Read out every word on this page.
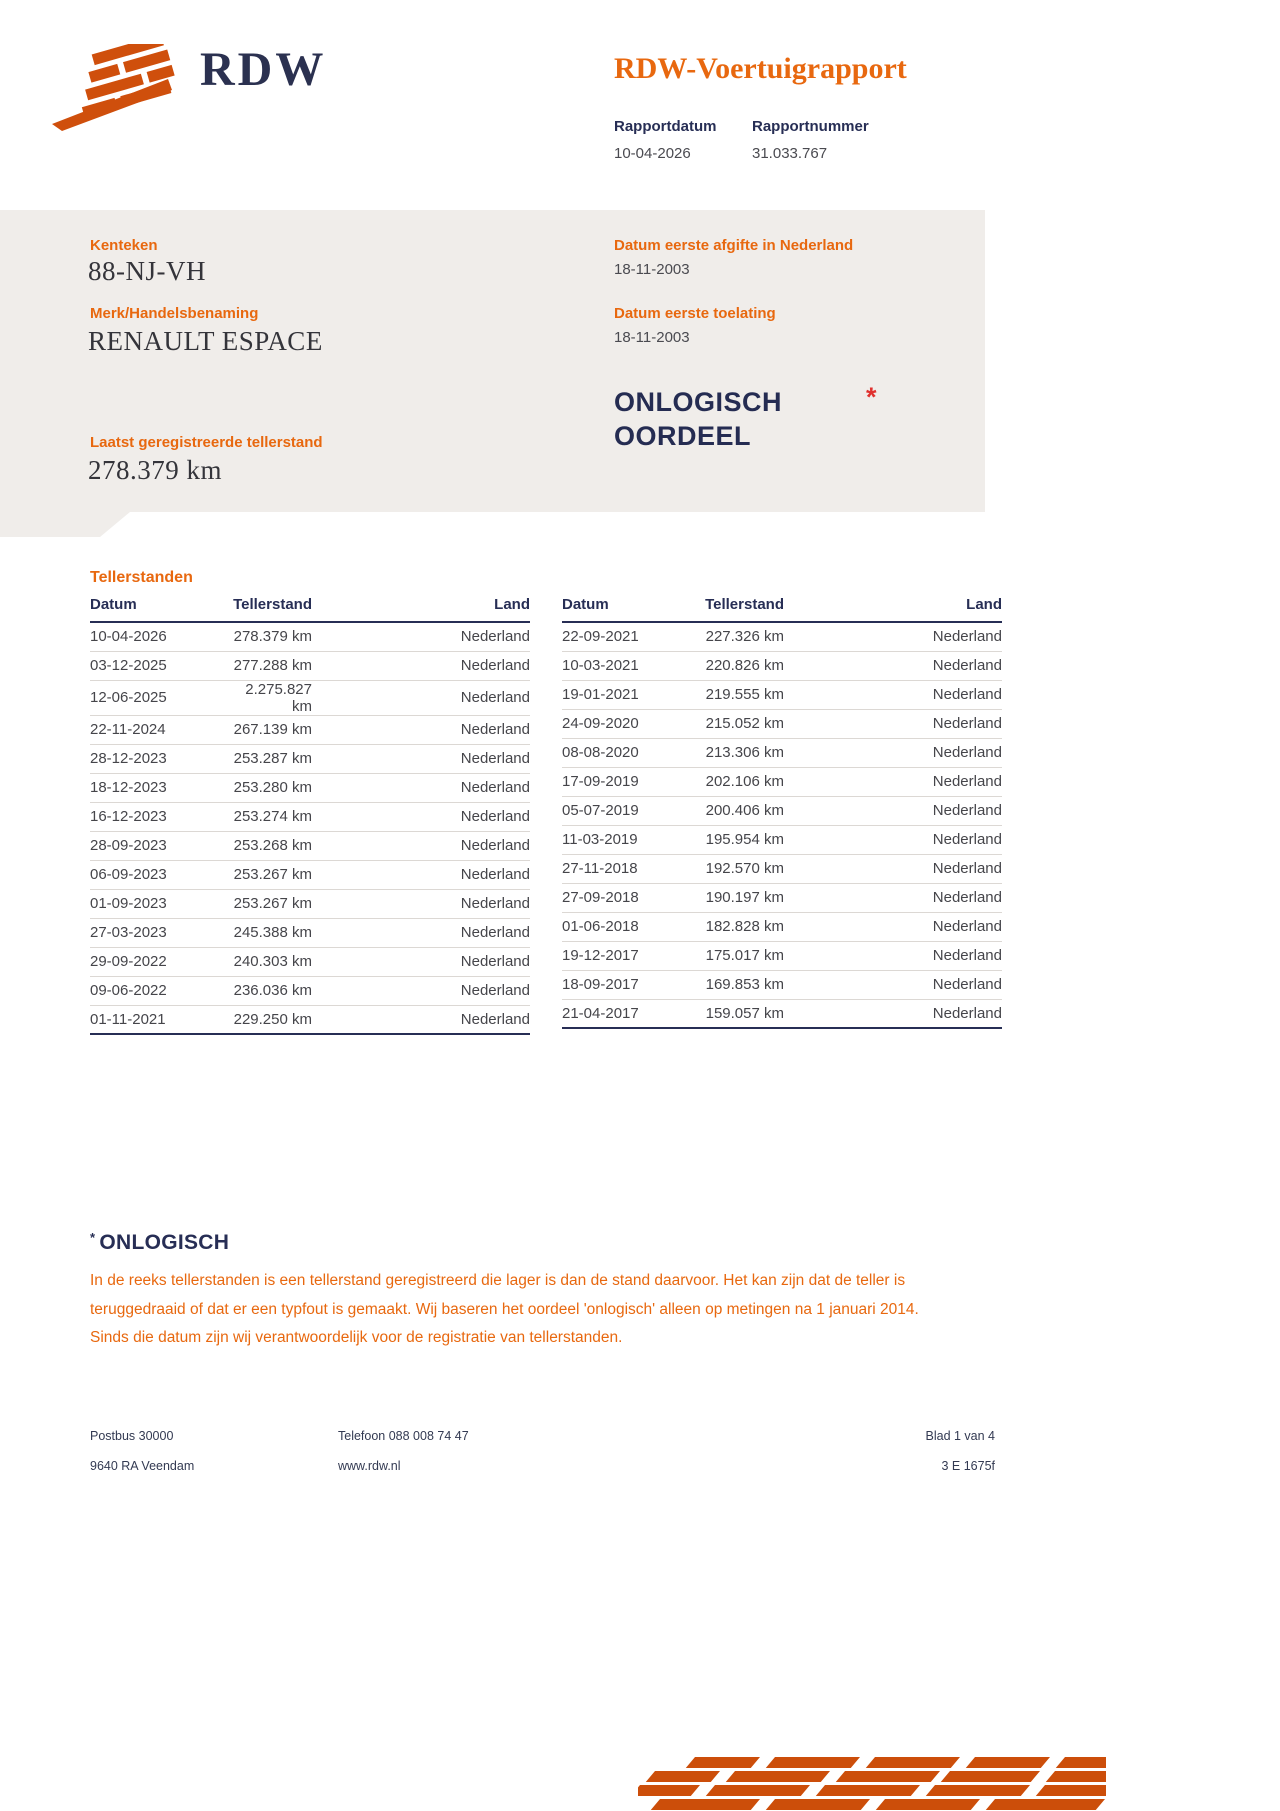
RDW	RDW-Voertuigrapport
Rapportdatum Rapportnummer
10-04-2026	31.033.767
Kenteken
88-NJ-VH
Merk/Handelsbenaming
RENAULT ESPACE
Laatst geregistreerde tellerstand
278.379 km
Datum eerste afgifte in Nederland
18-11-2003
Datum eerste toelating
18-11-2003
ONLOGISCH
OORDEEL
*
Tellerstanden
Datum	Tellerstand	Land
10-04-2026	278.379 km	Nederland
03-12-2025	277.288 km	Nederland
12-06-2025	2.275.827 km	Nederland
22-11-2024	267.139 km	Nederland
28-12-2023	253.287 km	Nederland
18-12-2023	253.280 km	Nederland
16-12-2023	253.274 km	Nederland
28-09-2023	253.268 km	Nederland
06-09-2023	253.267 km	Nederland
01-09-2023	253.267 km	Nederland
27-03-2023	245.388 km	Nederland
29-09-2022	240.303 km	Nederland
09-06-2022	236.036 km	Nederland
01-11-2021	229.250 km	Nederland
Datum	Tellerstand	Land
22-09-2021	227.326 km	Nederland
10-03-2021	220.826 km	Nederland
19-01-2021	219.555 km	Nederland
24-09-2020	215.052 km	Nederland
08-08-2020	213.306 km	Nederland
17-09-2019	202.106 km	Nederland
05-07-2019	200.406 km	Nederland
11-03-2019	195.954 km	Nederland
27-11-2018	192.570 km	Nederland
27-09-2018	190.197 km	Nederland
01-06-2018	182.828 km	Nederland
19-12-2017	175.017 km	Nederland
18-09-2017	169.853 km	Nederland
21-04-2017	159.057 km	Nederland
* ONLOGISCH
In de reeks tellerstanden is een tellerstand geregistreerd die lager is dan de stand daarvoor. Het kan zijn dat de teller is teruggedraaid of dat er een typfout is gemaakt. Wij baseren het oordeel 'onlogisch' alleen op metingen na 1 januari 2014. Sinds die datum zijn wij verantwoordelijk voor de registratie van tellerstanden.
Postbus 30000
9640 RA Veendam
Telefoon 088 008 74 47
www.rdw.nl
Blad 1 van 4
3 E 1675f
